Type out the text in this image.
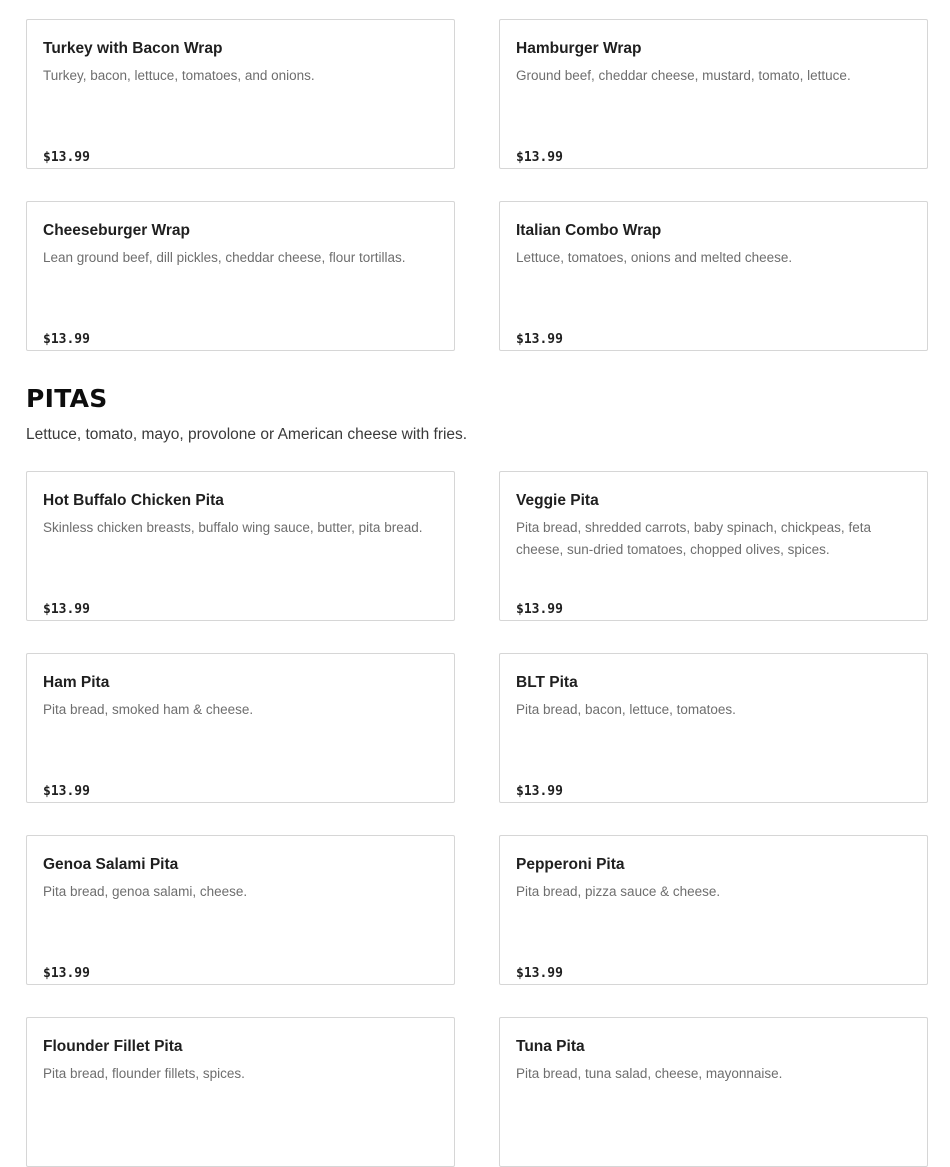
Turkey with Bacon Wrap
Turkey, bacon, lettuce, tomatoes, and onions.
$13.99
Hamburger Wrap
Ground beef, cheddar cheese, mustard, tomato, lettuce.
$13.99
Cheeseburger Wrap
Lean ground beef, dill pickles, cheddar cheese, flour tortillas.
$13.99
Italian Combo Wrap
Lettuce, tomatoes, onions and melted cheese.
$13.99
PITAS

Lettuce, tomato, mayo, provolone or American cheese with fries.

Hot Buffalo Chicken Pita
Skinless chicken breasts, buffalo wing sauce, butter, pita bread.
$13.99
Veggie Pita
Pita bread, shredded carrots, baby spinach, chickpeas, feta cheese, sun-dried tomatoes, chopped olives, spices.
$13.99
Ham Pita
Pita bread, smoked ham & cheese.
$13.99
BLT Pita
Pita bread, bacon, lettuce, tomatoes.
$13.99
Genoa Salami Pita
Pita bread, genoa salami, cheese.
$13.99
Pepperoni Pita
Pita bread, pizza sauce & cheese.
$13.99
Flounder Fillet Pita
Pita bread, flounder fillets, spices.
Tuna Pita
Pita bread, tuna salad, cheese, mayonnaise.
